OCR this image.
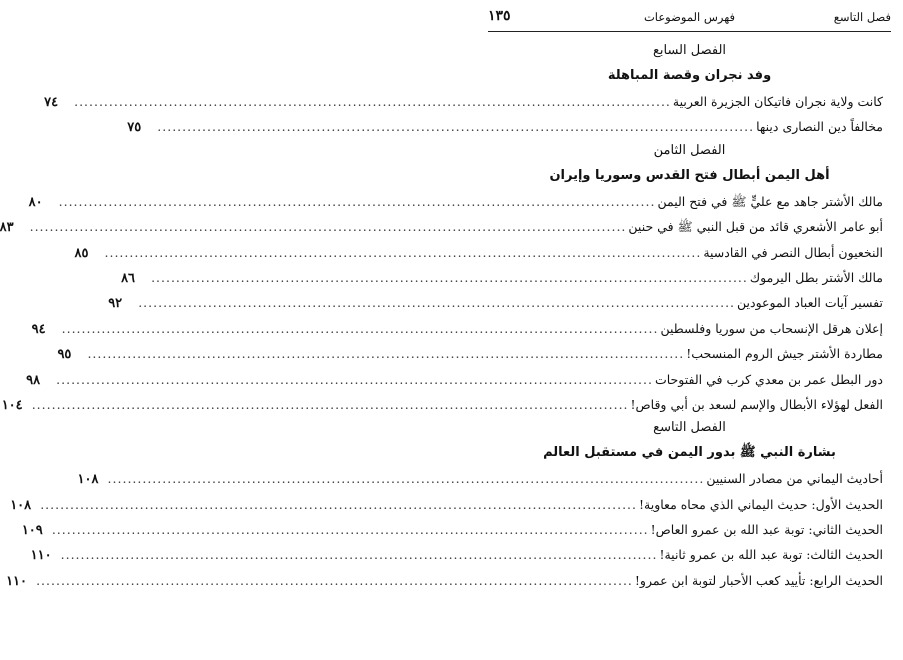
فصل التاسع
فهرس الموضوعات
١٣٥
الفصل السابع
وفد نجران وقصة المباهلة
كانت ولاية نجران فاتيكان الجزيرة العربية
........................................................................................................................
٧٤
مخالفاً دين النصارى دينها
........................................................................................................................
٧٥
الفصل الثامن
أهل اليمن أبطال فتح القدس وسوريا وإيران
مالك الأشتر جاهد مع عليٍّ ﷺ في فتح اليمن
........................................................................................................................
٨٠
أبو عامر الأشعري قائد من قبل النبي ﷺ في حنين
........................................................................................................................
٨٣
النخعيون أبطال النصر في القادسية
........................................................................................................................
٨٥
مالك الأشتر بطل اليرموك
........................................................................................................................
٨٦
تفسير آيات العباد الموعودين
........................................................................................................................
٩٢
إعلان هرقل الإنسحاب من سوريا وفلسطين
........................................................................................................................
٩٤
مطاردة الأشتر جيش الروم المنسحب!
........................................................................................................................
٩٥
دور البطل عمر بن معدي كرب في الفتوحات
........................................................................................................................
٩٨
الفعل لهؤلاء الأبطال والإسم لسعد بن أبي وقاص!
........................................................................................................................
١٠٤
الفصل التاسع
بشارة النبي ﷺ بدور اليمن في مستقبل العالم
أحاديث اليماني من مصادر السنيين
........................................................................................................................
١٠٨
الحديث الأول: حديث اليماني الذي محاه معاوية!
........................................................................................................................
١٠٨
الحديث الثاني: توبة عبد الله بن عمرو العاص!
........................................................................................................................
١٠٩
الحديث الثالث: توبة عبد الله بن عمرو ثانية!
........................................................................................................................
١١٠
الحديث الرابع: تأييد كعب الأحبار لتوبة ابن عمرو!
........................................................................................................................
١١٠
